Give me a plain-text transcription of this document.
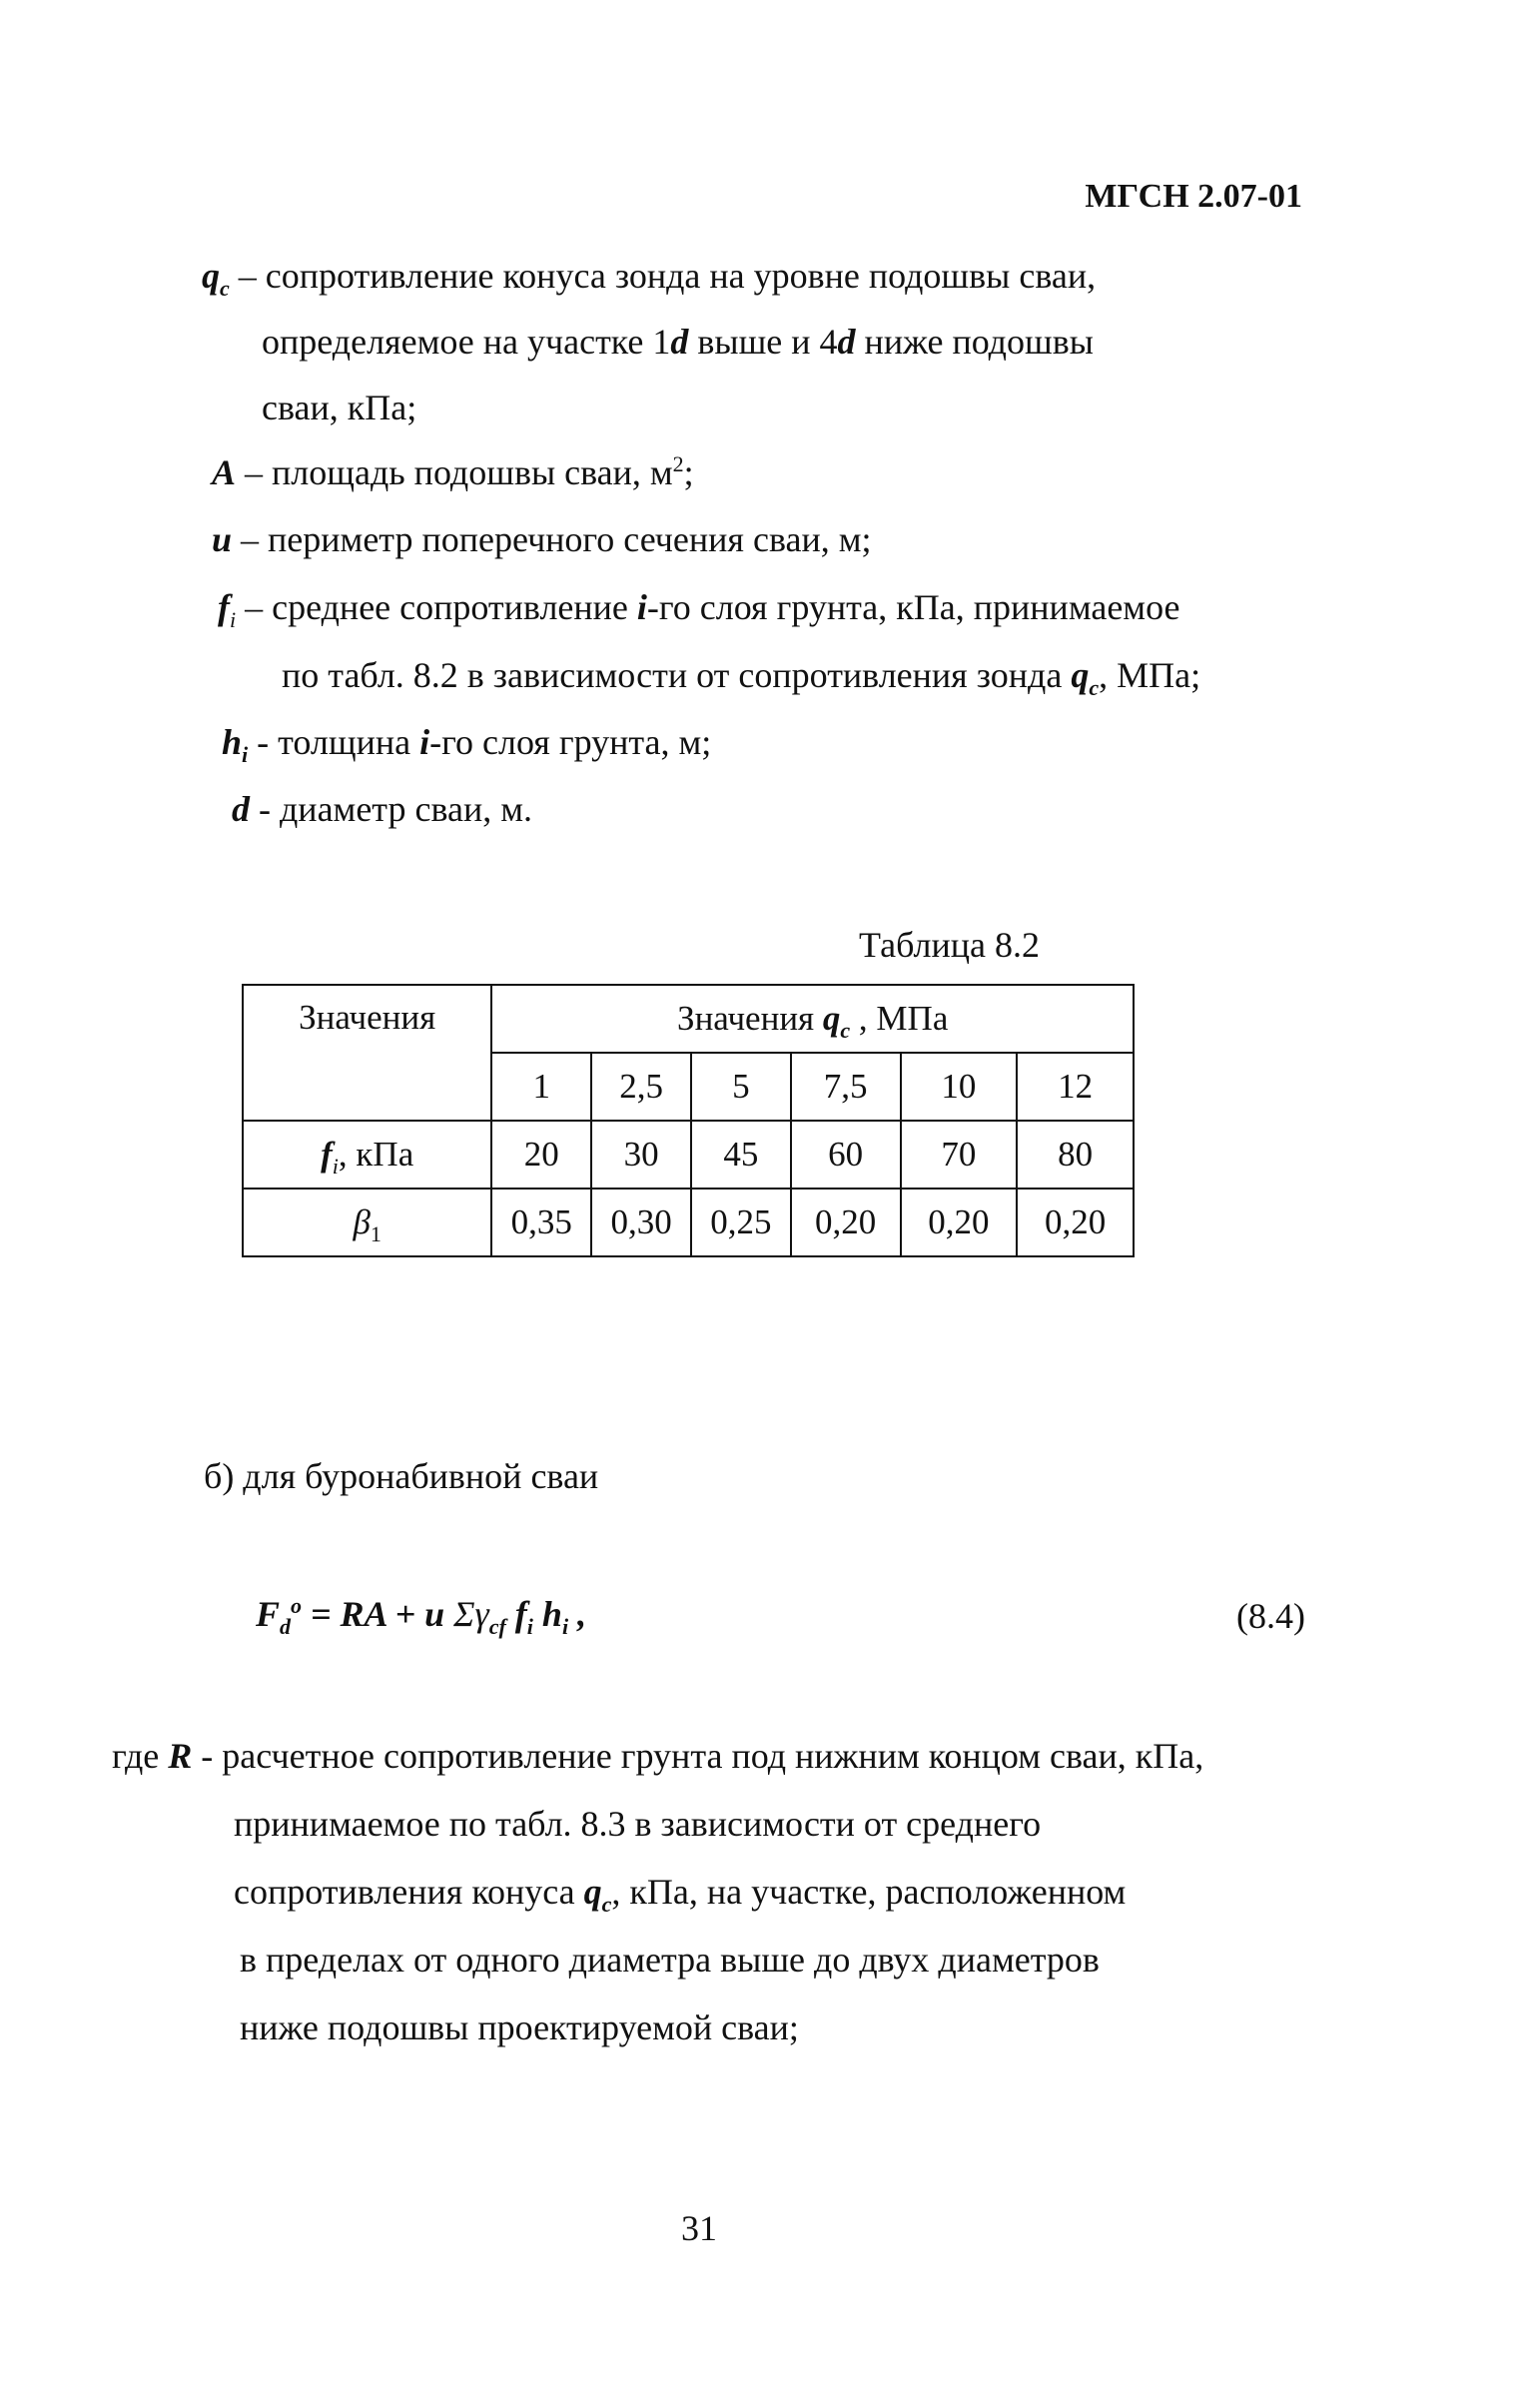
МГСН 2.07-01
$q_c$ – сопротивление конуса зонда на уровне подошвы сваи,
определяемое на участке 1d выше и 4d ниже подошвы
сваи, кПа;
A – площадь подошвы сваи, $м^2$;
u – периметр поперечного сечения сваи, м;
$f_i$ – среднее сопротивление i-го слоя грунта, кПа, принимаемое
по табл. 8.2 в зависимости от сопротивления зонда $q_c$, МПа;
$h_i$ - толщина i-го слоя грунта, м;
d - диаметр сваи, м.
Таблица 8.2
Значения	Значения $q_c$ , МПа					
	1	2,5	5	7,5	10	12
$f_i$, кПа	20	30	45	60	70	80
$\beta_1$	0,35	0,30	0,25	0,20	0,20	0,20
б) для буронабивной сваи
$F_d^o$ = RA + u $\Sigma\gamma_{cf}$ $f_i$ $h_i$ ,	(8.4)
где R - расчетное сопротивление грунта под нижним концом сваи, кПа,
принимаемое по табл. 8.3 в зависимости от среднего
сопротивления конуса $q_c$, кПа, на участке, расположенном
в пределах от одного диаметра выше до двух диаметров
ниже подошвы проектируемой сваи;
31
